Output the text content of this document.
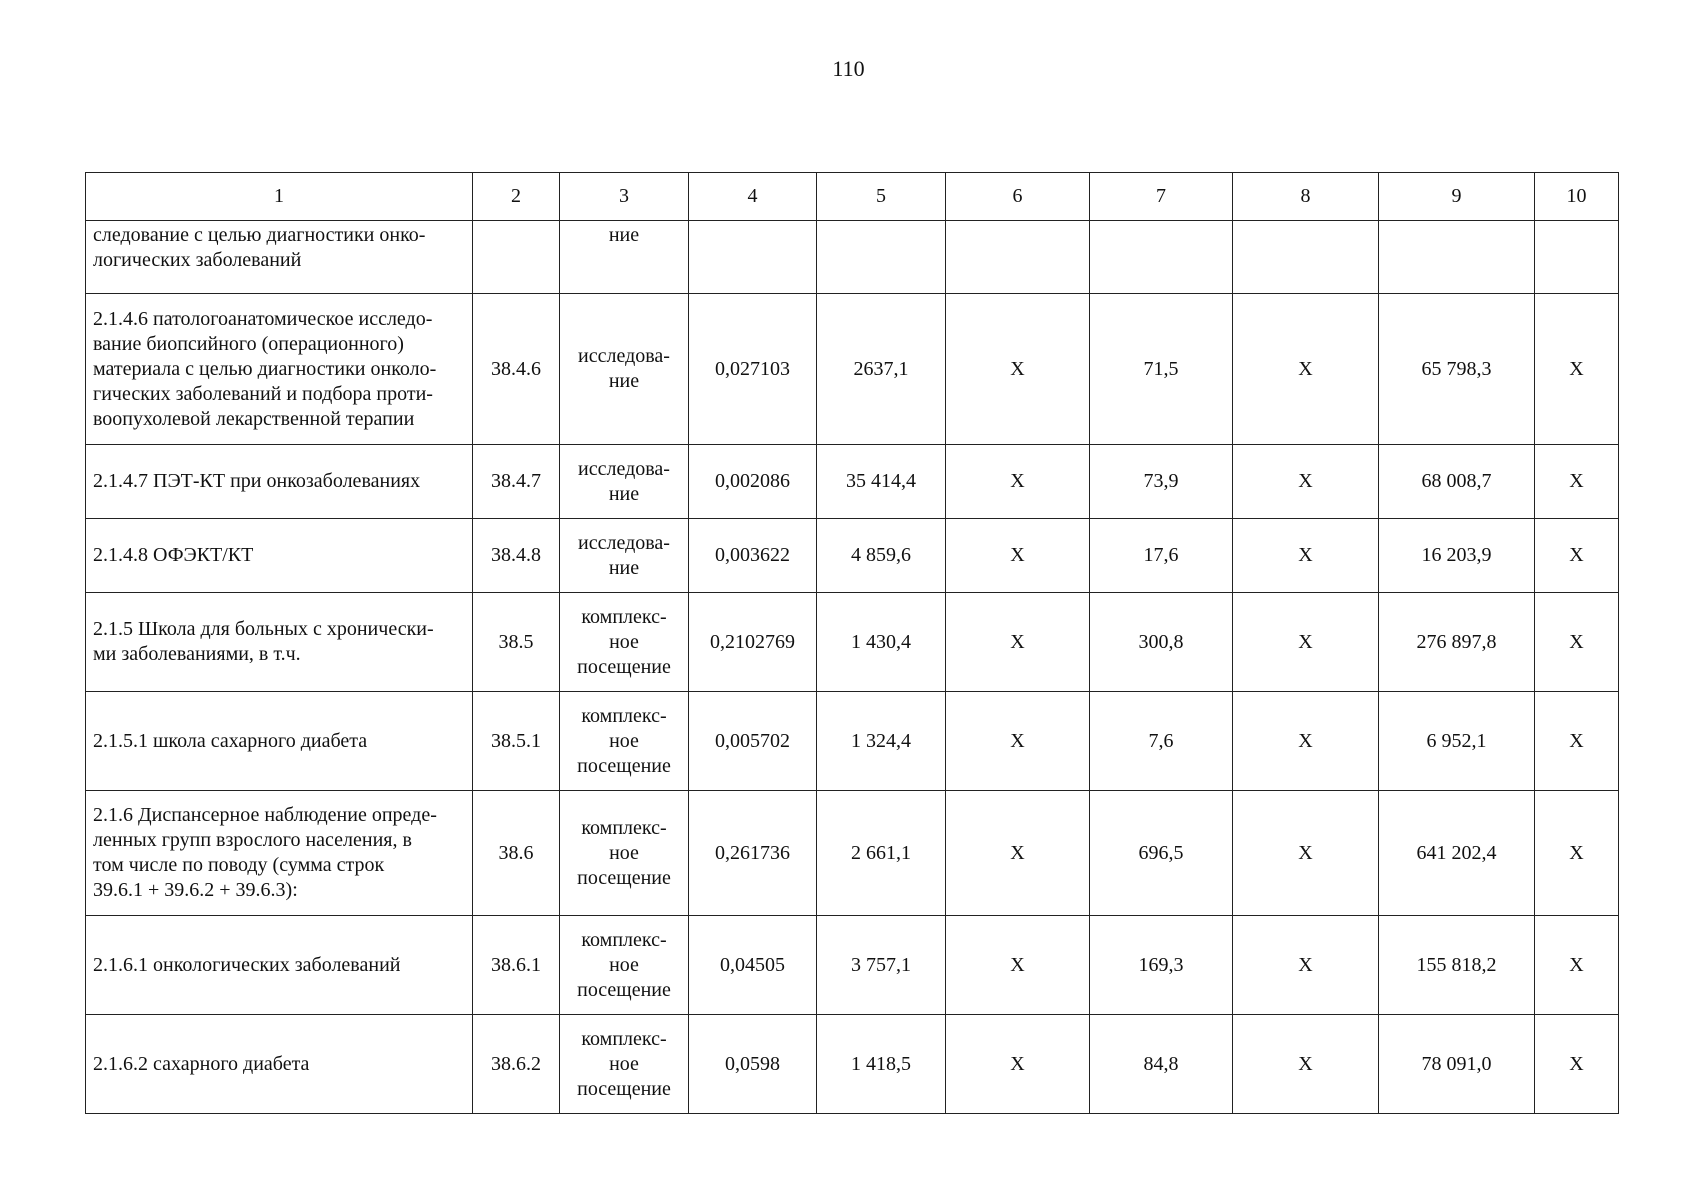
110
1	2	3	4	5	6	7	8	9	10

следование с целью диагностики онко-
логических заболеваний		ние							

2.1.4.6 патологоанатомическое исследо-
вание биопсийного (операционного)
материала с целью диагностики онколо-
гических заболеваний и подбора проти-
воопухолевой лекарственной терапии	38.4.6	исследова-
ние	0,027103	2637,1	X	71,5	X	65 798,3	X

2.1.4.7 ПЭТ-КТ при онкозаболеваниях	38.4.7	исследова-
ние	0,002086	35 414,4	X	73,9	X	68 008,7	X

2.1.4.8 ОФЭКТ/КТ	38.4.8	исследова-
ние	0,003622	4 859,6	X	17,6	X	16 203,9	X

2.1.5 Школа для больных с хронически-
ми заболеваниями, в т.ч.	38.5	комплекс-
ное
посещение	0,2102769	1 430,4	X	300,8	X	276 897,8	X

2.1.5.1 школа сахарного диабета	38.5.1	комплекс-
ное
посещение	0,005702	1 324,4	X	7,6	X	6 952,1	X

2.1.6 Диспансерное наблюдение опреде-
ленных групп взрослого населения, в
том числе по поводу (сумма строк
39.6.1 + 39.6.2 + 39.6.3):	38.6	комплекс-
ное
посещение	0,261736	2 661,1	X	696,5	X	641 202,4	X

2.1.6.1 онкологических заболеваний	38.6.1	комплекс-
ное
посещение	0,04505	3 757,1	X	169,3	X	155 818,2	X

2.1.6.2 сахарного диабета	38.6.2	комплекс-
ное
посещение	0,0598	1 418,5	X	84,8	X	78 091,0	X
